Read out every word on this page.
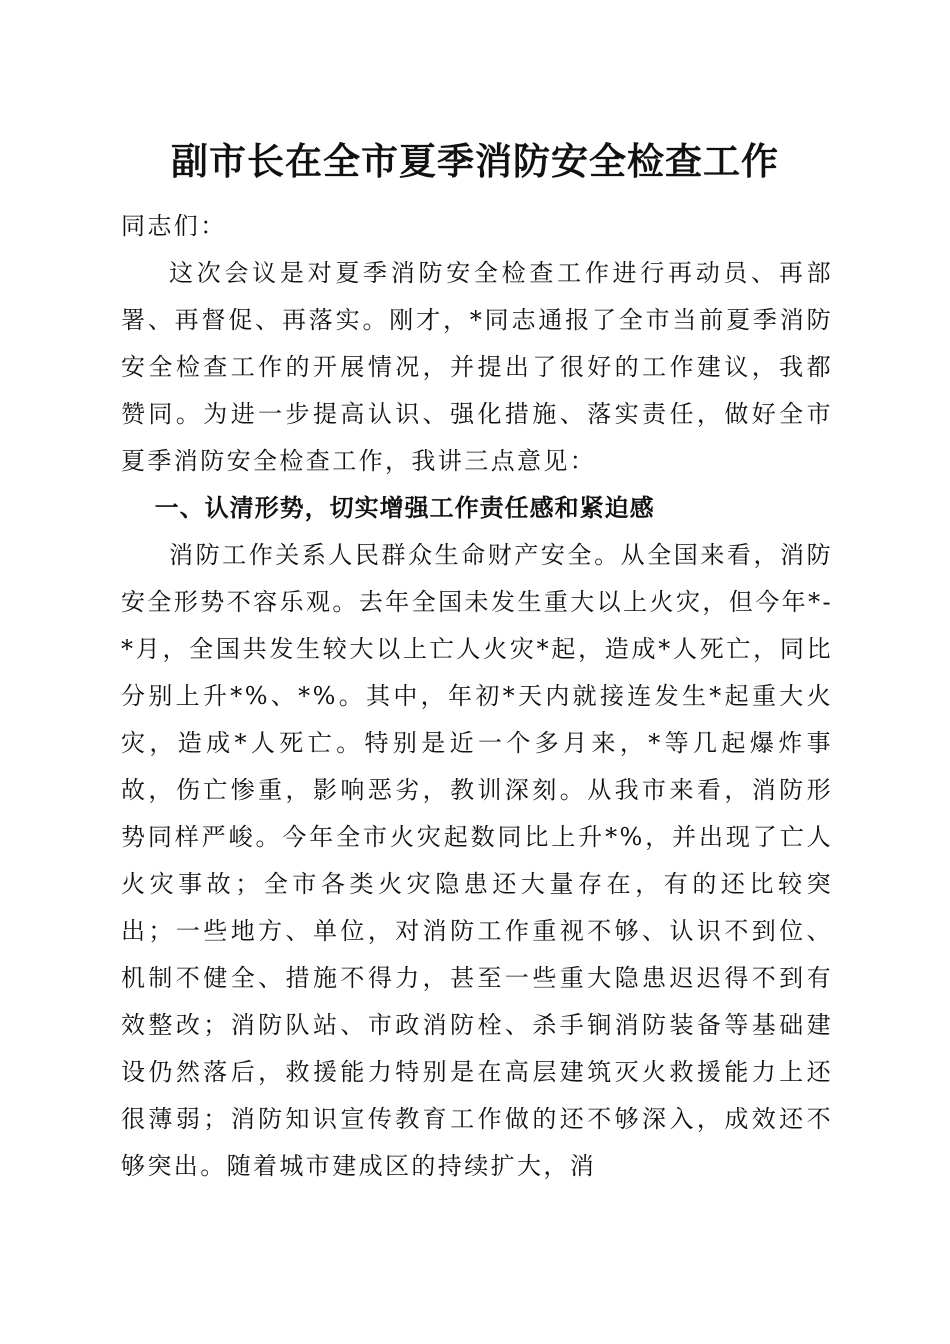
副市长在全市夏季消防安全检查工作

同志们：

这次会议是对夏季消防安全检查工作进行再动员、再部署、再督促、再落实。刚才，*同志通报了全市当前夏季消防安全检查工作的开展情况，并提出了很好的工作建议，我都赞同。为进一步提高认识、强化措施、落实责任，做好全市夏季消防安全检查工作，我讲三点意见：

一、认清形势，切实增强工作责任感和紧迫感

消防工作关系人民群众生命财产安全。从全国来看，消防安全形势不容乐观。去年全国未发生重大以上火灾，但今年*-*月，全国共发生较大以上亡人火灾*起，造成*人死亡，同比分别上升*%、*%。其中，年初*天内就接连发生*起重大火灾，造成*人死亡。特别是近一个多月来，*等几起爆炸事故，伤亡惨重，影响恶劣，教训深刻。从我市来看，消防形势同样严峻。今年全市火灾起数同比上升*%，并出现了亡人火灾事故；全市各类火灾隐患还大量存在，有的还比较突出；一些地方、单位，对消防工作重视不够、认识不到位、机制不健全、措施不得力，甚至一些重大隐患迟迟得不到有效整改；消防队站、市政消防栓、杀手锏消防装备等基础建设仍然落后，救援能力特别是在高层建筑灭火救援能力上还很薄弱；消防知识宣传教育工作做的还不够深入，成效还不够突出。随着城市建成区的持续扩大，消
